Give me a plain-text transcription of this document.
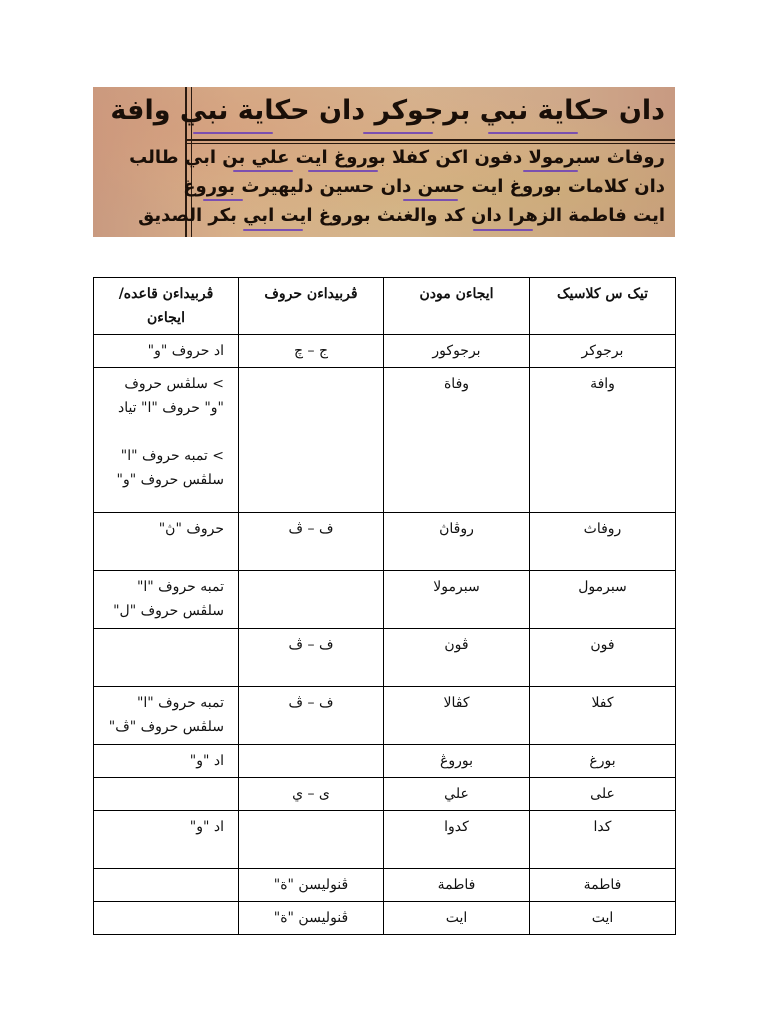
دان حكاية نبي برجوكر دان حكاية نبي وافة
روفاث سبرمولا دفون اكن كفلا بوروغ ايت علي بن ابي طالب
دان كلامات بوروغ ايت حسن دان حسين دليهيرث بوروغ
ايت فاطمة الزهرا دان كد والغنث بوروغ ايت ابي بكر الصديق
تيک س كلاسيک	ايجاءن مودن	ڤربيداءن حروف	ڤربيداءن قاعده/ ايجاءن
برجوكر	برجوكور	ج – چ	اد حروف "و"
وافة	وفاة		> سلڤس حروف
"و" حروف "ا" تياد

> تمبه حروف "ا"
سلڤس حروف "و"
روفاث	روڤاڽ	ف – ڤ	حروف "ڽ"
سبرمول	سبرمولا		تمبه حروف "ا"
سلڤس حروف "ل"
فون	ڤون	ف – ڤ	
كفلا	كڤالا	ف – ڤ	تمبه حروف "ا"
سلڤس حروف "ڤ"
بورغ	بوروڠ		اد "و"
على	علي	ى – ي	
كدا	كدوا		اد "و"
فاطمة	فاطمة	ڤنوليسن "ة"	
ايت	ايت	ڤنوليسن "ة"	
